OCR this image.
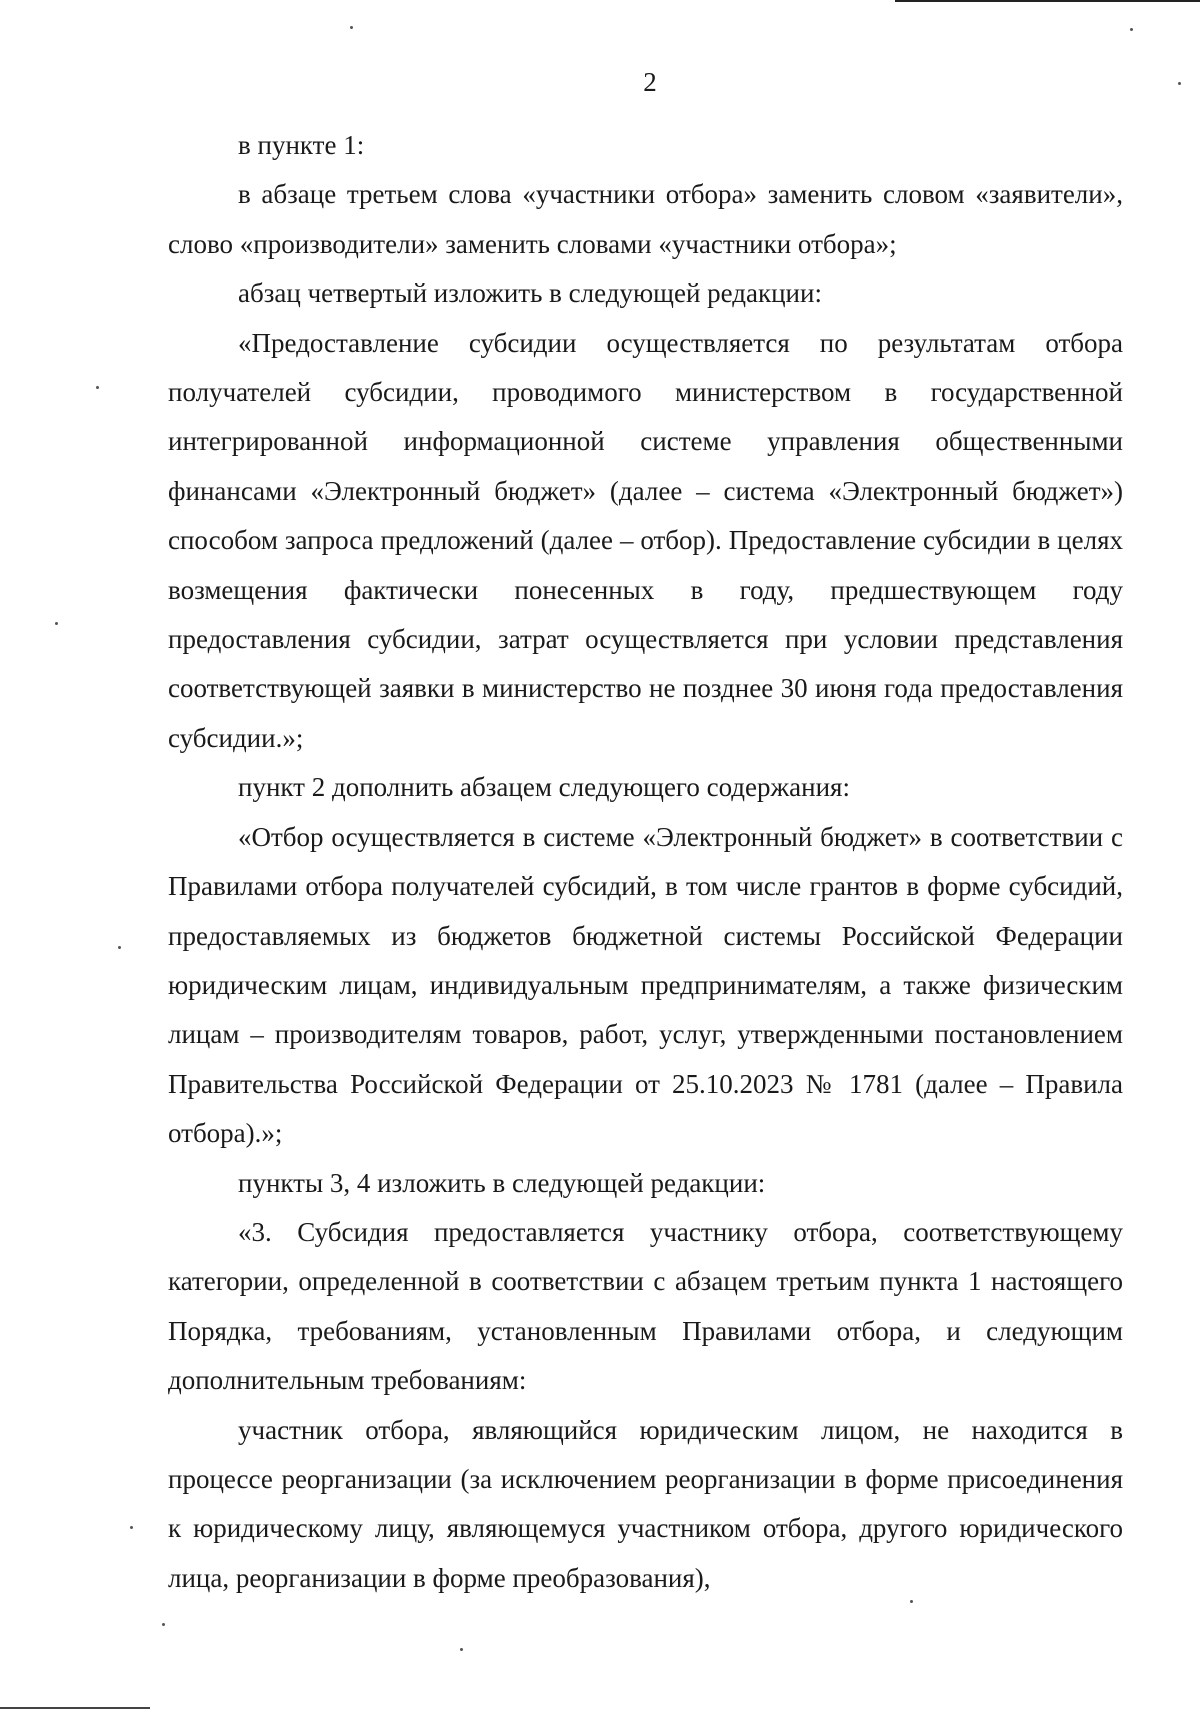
2

в пункте 1:

в абзаце третьем слова «участники отбора» заменить словом «заявители», слово «производители» заменить словами «участники отбора»;

абзац четвертый изложить в следующей редакции:

«Предоставление субсидии осуществляется по результатам отбора получателей субсидии, проводимого министерством в государственной интегрированной информационной системе управления общественными финансами «Электронный бюджет» (далее – система «Электронный бюджет») способом запроса предложений (далее – отбор). Предоставление субсидии в целях возмещения фактически понесенных в году, предшествующем году предоставления субсидии, затрат осуществляется при условии представления соответствующей заявки в министерство не позднее 30 июня года предоставления субсидии.»;

пункт 2 дополнить абзацем следующего содержания:

«Отбор осуществляется в системе «Электронный бюджет» в соответствии с Правилами отбора получателей субсидий, в том числе грантов в форме субсидий, предоставляемых из бюджетов бюджетной системы Российской Федерации юридическим лицам, индивидуальным предпринимателям, а также физическим лицам – производителям товаров, работ, услуг, утвержденными постановлением Правительства Российской Федерации от 25.10.2023 № 1781 (далее – Правила отбора).»;

пункты 3, 4 изложить в следующей редакции:

«3. Субсидия предоставляется участнику отбора, соответствующему категории, определенной в соответствии с абзацем третьим пункта 1 настоящего Порядка, требованиям, установленным Правилами отбора, и следующим дополнительным требованиям:

участник отбора, являющийся юридическим лицом, не находится в процессе реорганизации (за исключением реорганизации в форме присоединения к юридическому лицу, являющемуся участником отбора, другого юридического лица, реорганизации в форме преобразования),
